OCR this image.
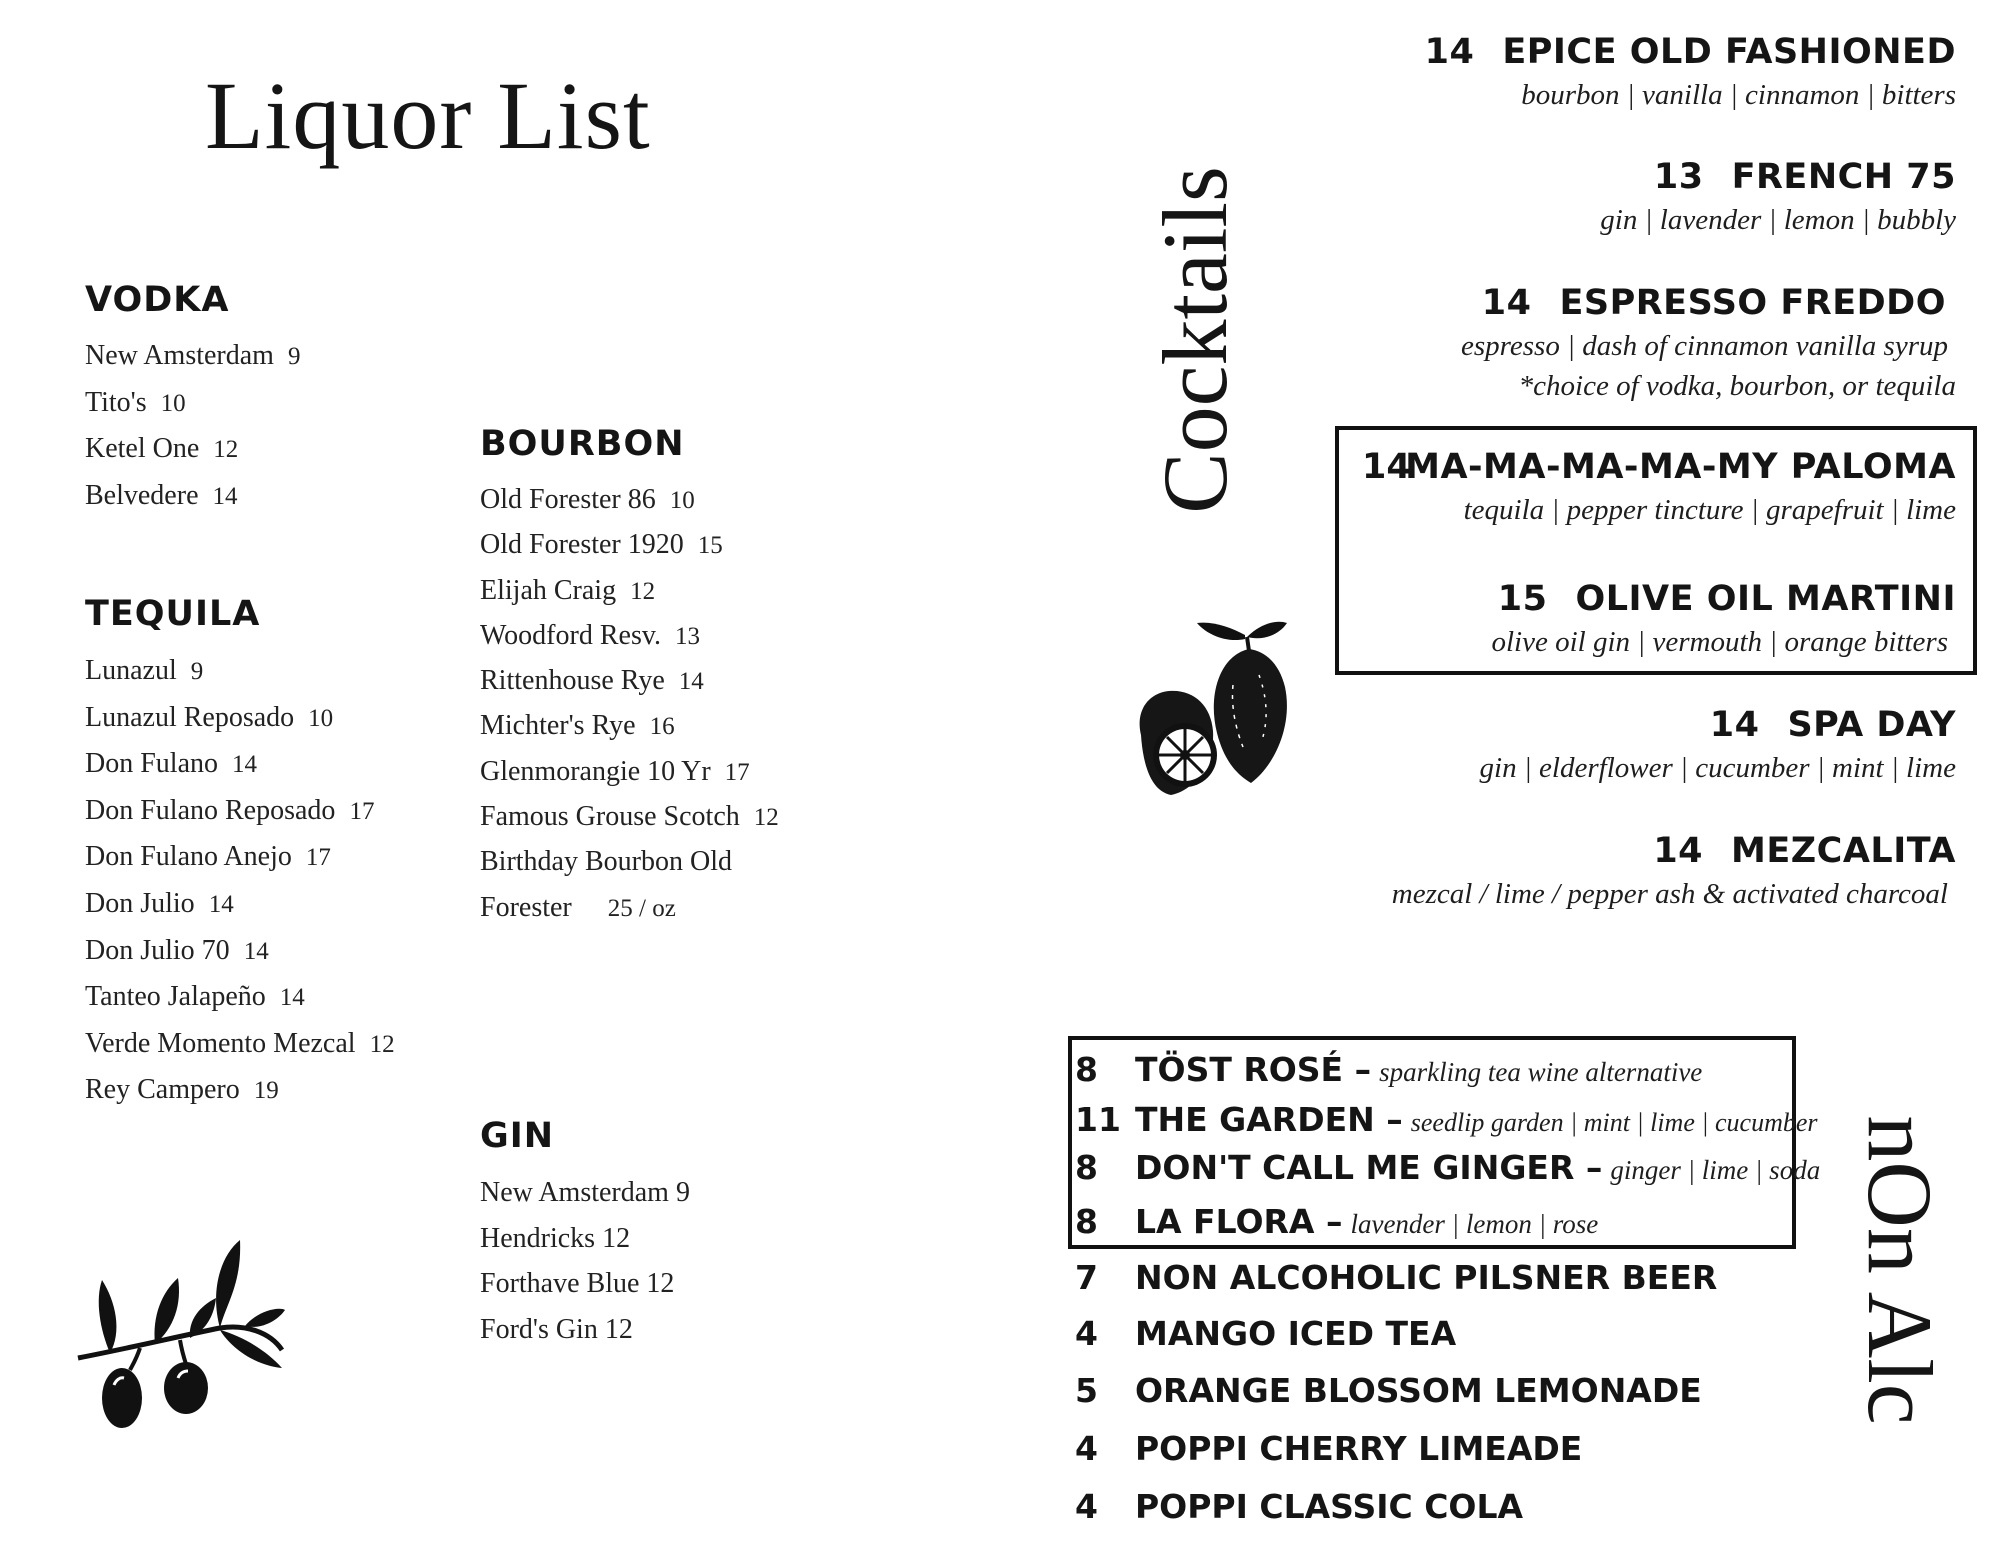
Liquor List
VODKA
New Amsterdam 9
Tito's 10
Ketel One 12
Belvedere 14
TEQUILA
Lunazul 9
Lunazul Reposado 10
Don Fulano 14
Don Fulano Reposado 17
Don Fulano Anejo 17
Don Julio 14
Don Julio 70 14
Tanteo Jalapeño 14
Verde Momento Mezcal 12
Rey Campero 19
BOURBON
Old Forester 86 10
Old Forester 1920 15
Elijah Craig 12
Woodford Resv. 13
Rittenhouse Rye 14
Michter's Rye 16
Glenmorangie 10 Yr 17
Famous Grouse Scotch 12
Birthday Bourbon Old
Forester 25 / oz
GIN
New Amsterdam 9
Hendricks 12
Forthave Blue 12
Ford's Gin 12
Cocktails
14 EPICE OLD FASHIONED
bourbon | vanilla | cinnamon | bitters
13 FRENCH 75
gin | lavender | lemon | bubbly
14 ESPRESSO FREDDO
espresso | dash of cinnamon vanilla syrup
*choice of vodka, bourbon, or tequila
14
MA-MA-MA-MA-MY PALOMA
tequila | pepper tincture | grapefruit | lime
15 OLIVE OIL MARTINI
olive oil gin | vermouth | orange bitters
14 SPA DAY
gin | elderflower | cucumber | mint | lime
14 MEZCALITA
mezcal / lime / pepper ash & activated charcoal
8 TÖST ROSÉ – sparkling tea wine alternative
11 THE GARDEN – seedlip garden | mint | lime | cucumber
8 DON'T CALL ME GINGER – ginger | lime | soda
8 LA FLORA – lavender | lemon | rose
7 NON ALCOHOLIC PILSNER BEER
4 MANGO ICED TEA
5 ORANGE BLOSSOM LEMONADE
4 POPPI CHERRY LIMEADE
4 POPPI CLASSIC COLA
nOn Alc
